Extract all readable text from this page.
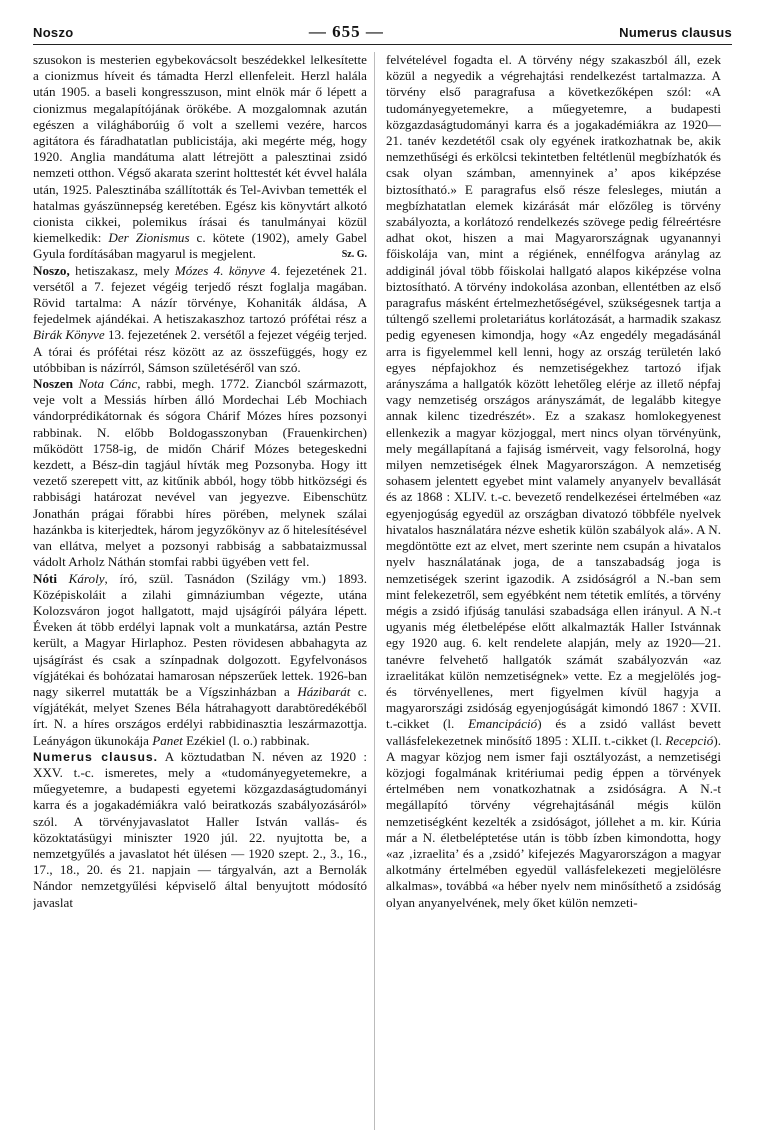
Noszo	— 655 —	Numerus clausus

szusokon is mesterien egybekovácsolt beszédekkel lelkesítette a cionizmus híveit és támadta Herzl ellenfeleit. Herzl halála után 1905. a baseli kongresszuson, mint elnök már ő lépett a cionizmus megalapítójának örökébe. A mozgalomnak azután egészen a világháborúig ő volt a szellemi vezére, harcos agitátora és fáradhatatlan publicistája, aki megérte még, hogy 1920. Anglia mandátuma alatt létrejött a palesztinai zsidó nemzeti otthon. Végső akarata szerint holttestét két évvel halála után, 1925. Palesztinába szállították és Tel-Avivban temették el hatalmas gyászünnepség keretében. Egész kis könyvtárt alkotó cionista cikkei, polemikus írásai és tanulmányai közül kiemelkedik: Der Zionismus c. kötete (1902), amely Gabel Gyula fordításában magyarul is megjelent.	Sz. G.

Noszo, hetiszakasz, mely Mózes 4. könyve 4. fejezetének 21. versétől a 7. fejezet végéig terjedő részt foglalja magában. Rövid tartalma: A názír törvénye, Kohaniták áldása, A fejedelmek ajándékai. A hetiszakaszhoz tartozó prófétai rész a Birák Könyve 13. fejezetének 2. versétől a fejezet végéig terjed. A tórai és prófétai rész között az az összefüggés, hogy ez utóbbiban is názírról, Sámson születéséről van szó.

Noszen Nota Cánc, rabbi, megh. 1772. Ziancból származott, veje volt a Messiás hírben álló Mordechai Léb Mochiach vándorprédikátornak és sógora Chárif Mózes híres pozsonyi rabbinak. N. előbb Boldogasszonyban (Frauenkirchen) működött 1758-ig, de midőn Chárif Mózes betegeskedni kezdett, a Bész-din tagjául hívták meg Pozsonyba. Hogy itt vezető szerepett vitt, az kitűnik abból, hogy több hitközségi és rabbisági határozat nevével van jegyezve. Eibenschütz Jonathán prágai főrabbi híres pörében, melynek szálai hazánkba is kiterjedtek, három jegyzőkönyv az ő hitelesítésével van ellátva, melyet a pozsonyi rabbiság a sabbataizmussal vádolt Arholz Náthán stomfai rabbi ügyében vett fel.

Nóti Károly, író, szül. Tasnádon (Szilágy vm.) 1893. Középiskoláit a zilahi gimnáziumban végezte, utána Kolozsváron jogot hallgatott, majd ujságírói pályára lépett. Éveken át több erdélyi lapnak volt a munkatársa, aztán Pestre került, a Magyar Hirlaphoz. Pesten rövidesen abbahagyta az ujságírást és csak a színpadnak dolgozott. Egyfelvonásos vígjátékai és bohózatai hamarosan népszerűek lettek. 1926-ban nagy sikerrel mutatták be a Vígszinházban a Házibarát c. vígjátékát, melyet Szenes Béla hátrahagyott darabtöredékéből írt. N. a híres országos erdélyi rabbidinasztia leszármazottja. Leányágon ükunokája Panet Ezékiel (l. o.) rabbinak.

Numerus clausus. A köztudatban N. néven az 1920 : XXV. t.-c. ismeretes, mely a «tudományegyetemekre, a műegyetemre, a budapesti egyetemi közgazdaságtudományi karra és a jogakadémiákra való beiratkozás szabályozásáról» szól. A törvényjavaslatot Haller István vallás- és közoktatásügyi miniszter 1920 júl. 22. nyujtotta be, a nemzetgyűlés a javaslatot hét ülésen — 1920 szept. 2., 3., 16., 17., 18., 20. és 21. napjain — tárgyalván, azt a Bernolák Nándor nemzetgyűlési képviselő által benyujtott módosító javaslat

felvételével fogadta el. A törvény négy szakaszból áll, ezek közül a negyedik a végrehajtási rendelkezést tartalmazza. A törvény első paragrafusa a következőképen szól: «A tudományegyetemekre, a műegyetemre, a budapesti közgazdaságtudományi karra és a jogakadémiákra az 1920—21. tanév kezdetétől csak oly egyének iratkozhatnak be, akik nemzethűségi és erkölcsi tekintetben feltétlenül megbízhatók és csak olyan számban, amennyinek a’ apos kiképzése biztosítható.» E paragrafus első része felesleges, miután a megbízhatatlan elemek kizárását már előzőleg is törvény szabályozta, a korlátozó rendelkezés szövege pedig félreértésre adhat okot, hiszen a mai Magyarországnak ugyanannyi főiskolája van, mint a régiének, ennélfogva aránylag az addiginál jóval több főiskolai hallgató alapos kiképzése volna biztosítható. A törvény indokolása azonban, ellentétben az első paragrafus másként értelmezhetőségével, szükségesnek tartja a túltengő szellemi proletariátus korlátozását, a harmadik szakasz pedig egyenesen kimondja, hogy «Az engedély megadásánál arra is figyelemmel kell lenni, hogy az ország területén lakó egyes népfajokhoz és nemzetiségekhez tartozó ifjak arányszáma a hallgatók között lehetőleg elérje az illető népfaj vagy nemzetiség országos arányszámát, de legalább kitegye annak kilenc tizedrészét». Ez a szakasz homlokegyenest ellenkezik a magyar közjoggal, mert nincs olyan törvényünk, mely megállapítaná a fajiság ismérveit, vagy felsorolná, hogy milyen nemzetiségek élnek Magyarországon. A nemzetiség sohasem jelentett egyebet mint valamely anyanyelv bevallását és az 1868 : XLIV. t.-c. bevezető rendelkezései értelmében «az egyenjogúság egyedül az országban divatozó többféle nyelvek hivatalos használatára nézve eshetik külön szabályok alá». A N. megdöntötte ezt az elvet, mert szerinte nem csupán a hivatalos nyelv használatának joga, de a tanszabadság joga is nemzetiségek szerint igazodik. A zsidóságról a N.-ban sem mint felekezetről, sem egyébként nem tétetik említés, a törvény mégis a zsidó ifjúság tanulási szabadsága ellen irányul. A N.-t ugyanis még életbelépése előtt alkalmazták Haller Istvánnak egy 1920 aug. 6. kelt rendelete alapján, mely az 1920—21. tanévre felvehető hallgatók számát szabályozván «az izraelitákat külön nemzetiségnek» vette. Ez a megjelölés jog- és törvényellenes, mert figyelmen kívül hagyja a magyarországi zsidóság egyenjogúságát kimondó 1867 : XVII. t.-cikket (l. Emancipáció) és a zsidó vallást bevett vallásfelekezetnek minősítő 1895 : XLII. t.-cikket (l. Recepció). A magyar közjog nem ismer faji osztályozást, a nemzetiségi közjogi fogalmának kritériumai pedig éppen a törvények értelmében nem vonatkozhatnak a zsidóságra. A N.-t megállapító törvény végrehajtásánál mégis külön nemzetiségként kezelték a zsidóságot, jóllehet a m. kir. Kúria már a N. életbeléptetése után is több ízben kimondotta, hogy «az ‚izraelita’ és a ‚zsidó’ kifejezés Magyarországon a magyar alkotmány értelmében egyedül vallásfelekezeti megjelölésre alkalmas», továbbá «a héber nyelv nem minősíthető a zsidóság olyan anyanyelvének, mely őket külön nemzeti-
